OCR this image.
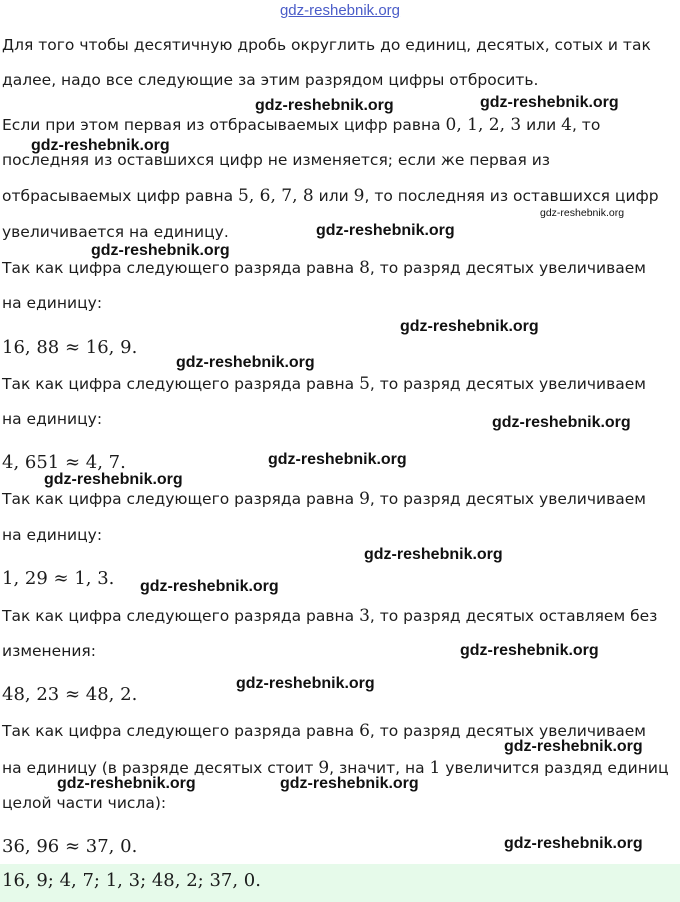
gdz-reshebnik.org
Для того чтобы десятичную дробь округлить до единиц, десятых, сотых и так
далее, надо все следующие за этим разрядом цифры отбросить.
Если при этом первая из отбрасываемых цифр равна 0, 1, 2, 3 или 4, то
последняя из оставшихся цифр не изменяется; если же первая из
отбрасываемых цифр равна 5, 6, 7, 8 или 9, то последняя из оставшихся цифр
увеличивается на единицу.
Так как цифра следующего разряда равна 8, то разряд десятых увеличиваем
на единицу:
16, 88 ≈ 16, 9.
Так как цифра следующего разряда равна 5, то разряд десятых увеличиваем
на единицу:
4, 651 ≈ 4, 7.
Так как цифра следующего разряда равна 9, то разряд десятых увеличиваем
на единицу:
1, 29 ≈ 1, 3.
Так как цифра следующего разряда равна 3, то разряд десятых оставляем без
изменения:
48, 23 ≈ 48, 2.
Так как цифра следующего разряда равна 6, то разряд десятых увеличиваем
на единицу (в разряде десятых стоит 9, значит, на 1 увеличится раздяд единиц
целой части числа):
36, 96 ≈ 37, 0.
16, 9; 4, 7; 1, 3; 48, 2; 37, 0.
gdz-reshebnik.org	gdz-reshebnik.org
gdz-reshebnik.org
gdz-reshebnik.org
gdz-reshebnik.org
gdz-reshebnik.org
gdz-reshebnik.org
gdz-reshebnik.org
gdz-reshebnik.org
gdz-reshebnik.org
gdz-reshebnik.org
gdz-reshebnik.org
gdz-reshebnik.org
gdz-reshebnik.org
gdz-reshebnik.org
gdz-reshebnik.org
gdz-reshebnik.org	gdz-reshebnik.org
gdz-reshebnik.org
